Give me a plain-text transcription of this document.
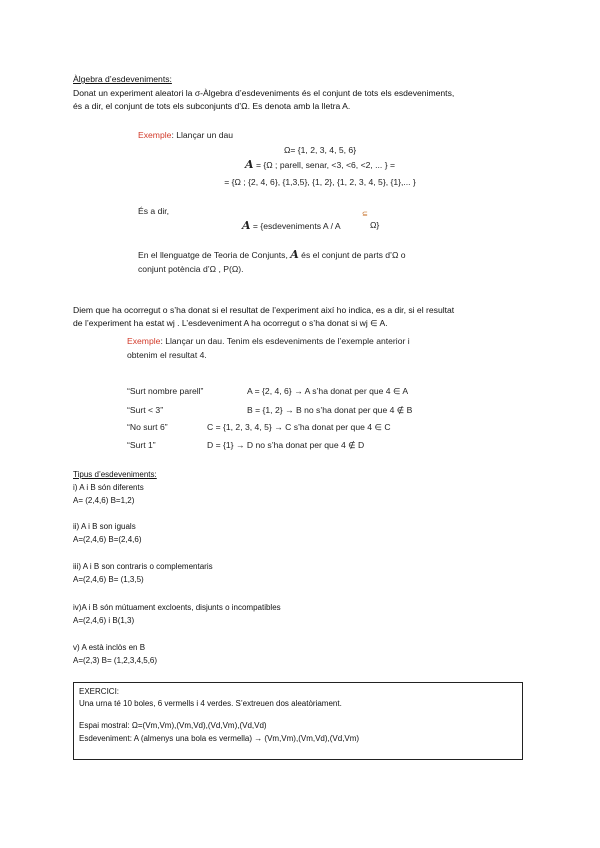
Àlgebra d’esdeveniments:
Donat un experiment aleatori la σ-Àlgebra d’esdeveniments és el conjunt de tots els esdeveniments,
és a dir, el conjunt de tots els subconjunts d’Ω. Es denota amb la lletra A.
Exemple: Llançar un dau
Ω= {1, 2, 3, 4, 5, 6}
A = {Ω ; parell, senar, <3, <6, <2, ... } =
= {Ω ; {2, 4, 6}, {1,3,5}, {1, 2}, {1, 2, 3, 4, 5}, {1},... }
És a dir,
A = {esdeveniments A / A
⊆
Ω}
En el llenguatge de Teoria de Conjunts, A és el conjunt de parts d’Ω o
conjunt potència d’Ω , P(Ω).
Diem que ha ocorregut o s’ha donat si el resultat de l’experiment així ho indica, es a dir, si el resultat
de l’experiment ha estat wj . L’esdeveniment A ha ocorregut o s’ha donat si wj ∈ A.
Exemple: Llançar un dau. Tenim els esdeveniments de l’exemple anterior i
obtenim el resultat 4.
“Surt nombre parell”	A = {2, 4, 6} → A s’ha donat per que 4 ∈ A
“Surt < 3”	B = {1, 2} → B no s’ha donat per que 4 ∉ B
“No surt 6”	C = {1, 2, 3, 4, 5} → C s’ha donat per que 4 ∈ C
“Surt 1”	D = {1} → D no s’ha donat per que 4 ∉ D
Tipus d’esdeveniments:
i) A i B són diferents
A= (2,4,6) B=1,2)
ii) A i B son iguals
A=(2,4,6) B=(2,4,6)
iii) A i B son contraris o complementaris
A=(2,4,6) B= (1,3,5)
iv)A i B són mútuament excloents, disjunts o incompatibles
A=(2,4,6) i B(1,3)
v) A està inclòs en B
A=(2,3) B= (1,2,3,4,5,6)
EXERCICI:
Una urna té 10 boles, 6 vermells i 4 verdes. S’extreuen dos aleatòriament.
Espai mostral: Ω=(Vm,Vm),(Vm,Vd),(Vd,Vm),(Vd,Vd)
Esdeveniment: A (almenys una bola es vermella) → (Vm,Vm),(Vm,Vd),(Vd,Vm)
